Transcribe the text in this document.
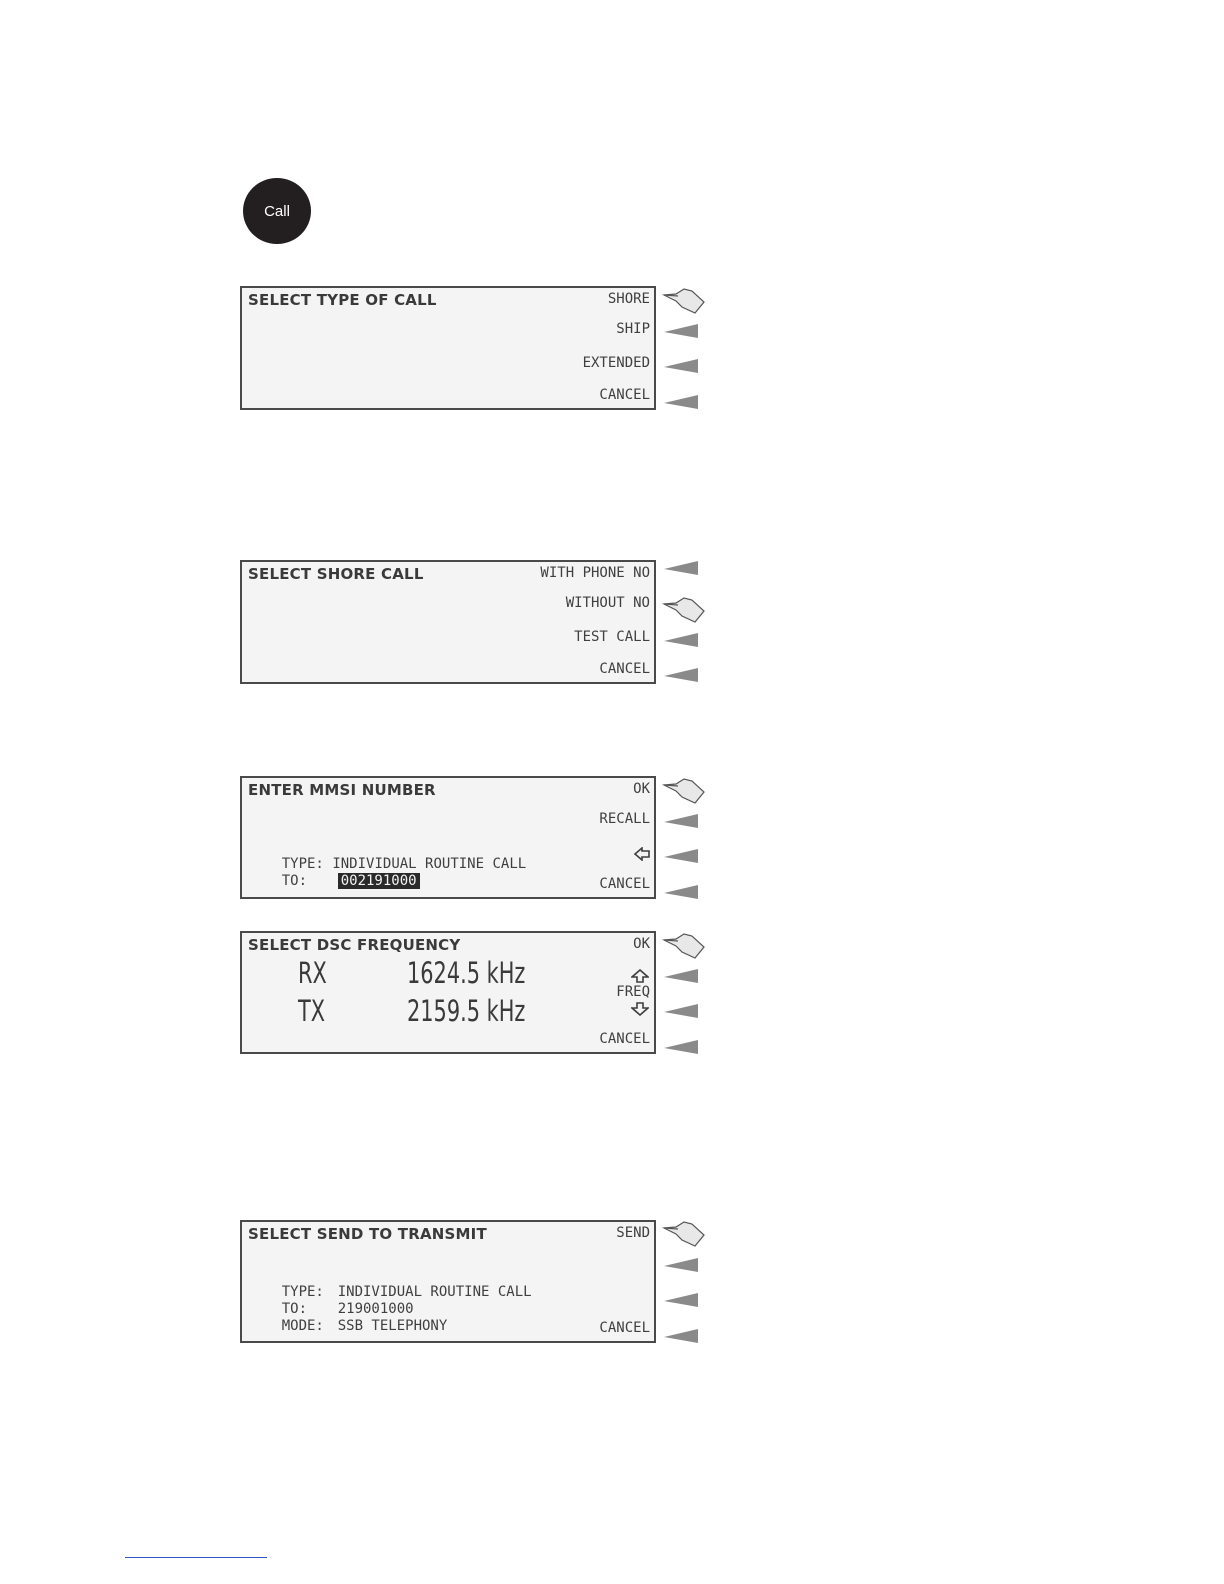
Call
SELECT TYPE OF CALL	SHORE
SHIP
EXTENDED
CANCEL
SELECT SHORE CALL	WITH PHONE NO
WITHOUT NO
TEST CALL
CANCEL
ENTER MMSI NUMBER	OK
RECALL
CANCEL

TYPE: INDIVIDUAL ROUTINE CALL

TO: 002191000

SELECT DSC FREQUENCY	OK
FREQ
CANCEL
RX	1624.5 kHz
TX	2159.5 kHz
SELECT SEND TO TRANSMIT	SEND
CANCEL

TYPE: INDIVIDUAL ROUTINE CALL

TO: 219001000

MODE: SSB TELEPHONY
